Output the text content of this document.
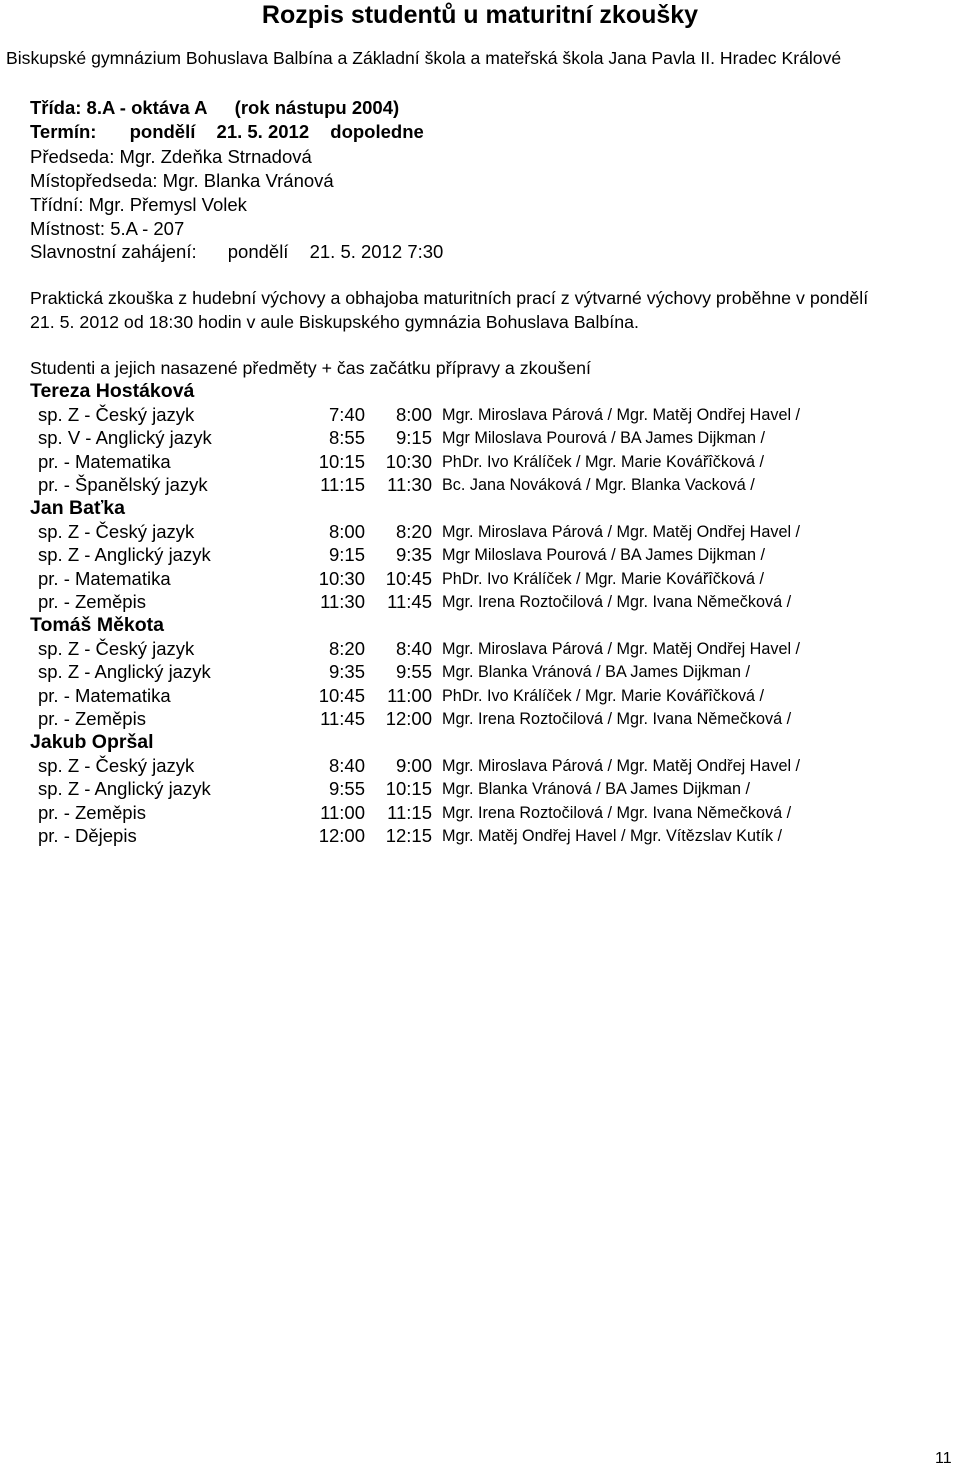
Rozpis studentů u maturitní zkoušky
Biskupské gymnázium Bohuslava Balbína a Základní škola a mateřská škola Jana Pavla II. Hradec Králové
Třída: 8.A - oktáva A (rok nástupu 2004)
Termín: pondělí 21. 5. 2012 dopoledne
Předseda: Mgr. Zdeňka Strnadová
Místopředseda: Mgr. Blanka Vránová
Třídní: Mgr. Přemysl Volek
Místnost: 5.A - 207
Slavnostní zahájení: pondělí 21. 5. 2012 7:30
Praktická zkouška z hudební výchovy a obhajoba maturitních prací z výtvarné výchovy proběhne v pondělí
21. 5. 2012 od 18:30 hodin v aule Biskupského gymnázia Bohuslava Balbína.
Studenti a jejich nasazené předměty + čas začátku přípravy a zkoušení
Tereza Hostáková
sp. Z - Český jazyk	7:40 8:00 Mgr. Miroslava Párová / Mgr. Matěj Ondřej Havel /
sp. V - Anglický jazyk	8:55 9:15 Mgr Miloslava Pourová / BA James Dijkman /
pr. - Matematika	10:15 10:30 PhDr. Ivo Králíček / Mgr. Marie Kovářîčková /
pr. - Španělský jazyk	11:15 11:30 Bc. Jana Nováková / Mgr. Blanka Vacková /
Jan Baťka
sp. Z - Český jazyk	8:00 8:20 Mgr. Miroslava Párová / Mgr. Matěj Ondřej Havel /
sp. Z - Anglický jazyk	9:15 9:35 Mgr Miloslava Pourová / BA James Dijkman /
pr. - Matematika	10:30 10:45 PhDr. Ivo Králíček / Mgr. Marie Kovářîčková /
pr. - Zeměpis	11:30 11:45 Mgr. Irena Roztočilová / Mgr. Ivana Němečková /
Tomáš Měkota
sp. Z - Český jazyk	8:20 8:40 Mgr. Miroslava Párová / Mgr. Matěj Ondřej Havel /
sp. Z - Anglický jazyk	9:35 9:55 Mgr. Blanka Vránová / BA James Dijkman /
pr. - Matematika	10:45 11:00 PhDr. Ivo Králíček / Mgr. Marie Kovářîčková /
pr. - Zeměpis	11:45 12:00 Mgr. Irena Roztočilová / Mgr. Ivana Němečková /
Jakub Opršal
sp. Z - Český jazyk	8:40 9:00 Mgr. Miroslava Párová / Mgr. Matěj Ondřej Havel /
sp. Z - Anglický jazyk	9:55 10:15 Mgr. Blanka Vránová / BA James Dijkman /
pr. - Zeměpis	11:00 11:15 Mgr. Irena Roztočilová / Mgr. Ivana Němečková /
pr. - Dějepis	12:00 12:15 Mgr. Matěj Ondřej Havel / Mgr. Vítězslav Kutík /
11
